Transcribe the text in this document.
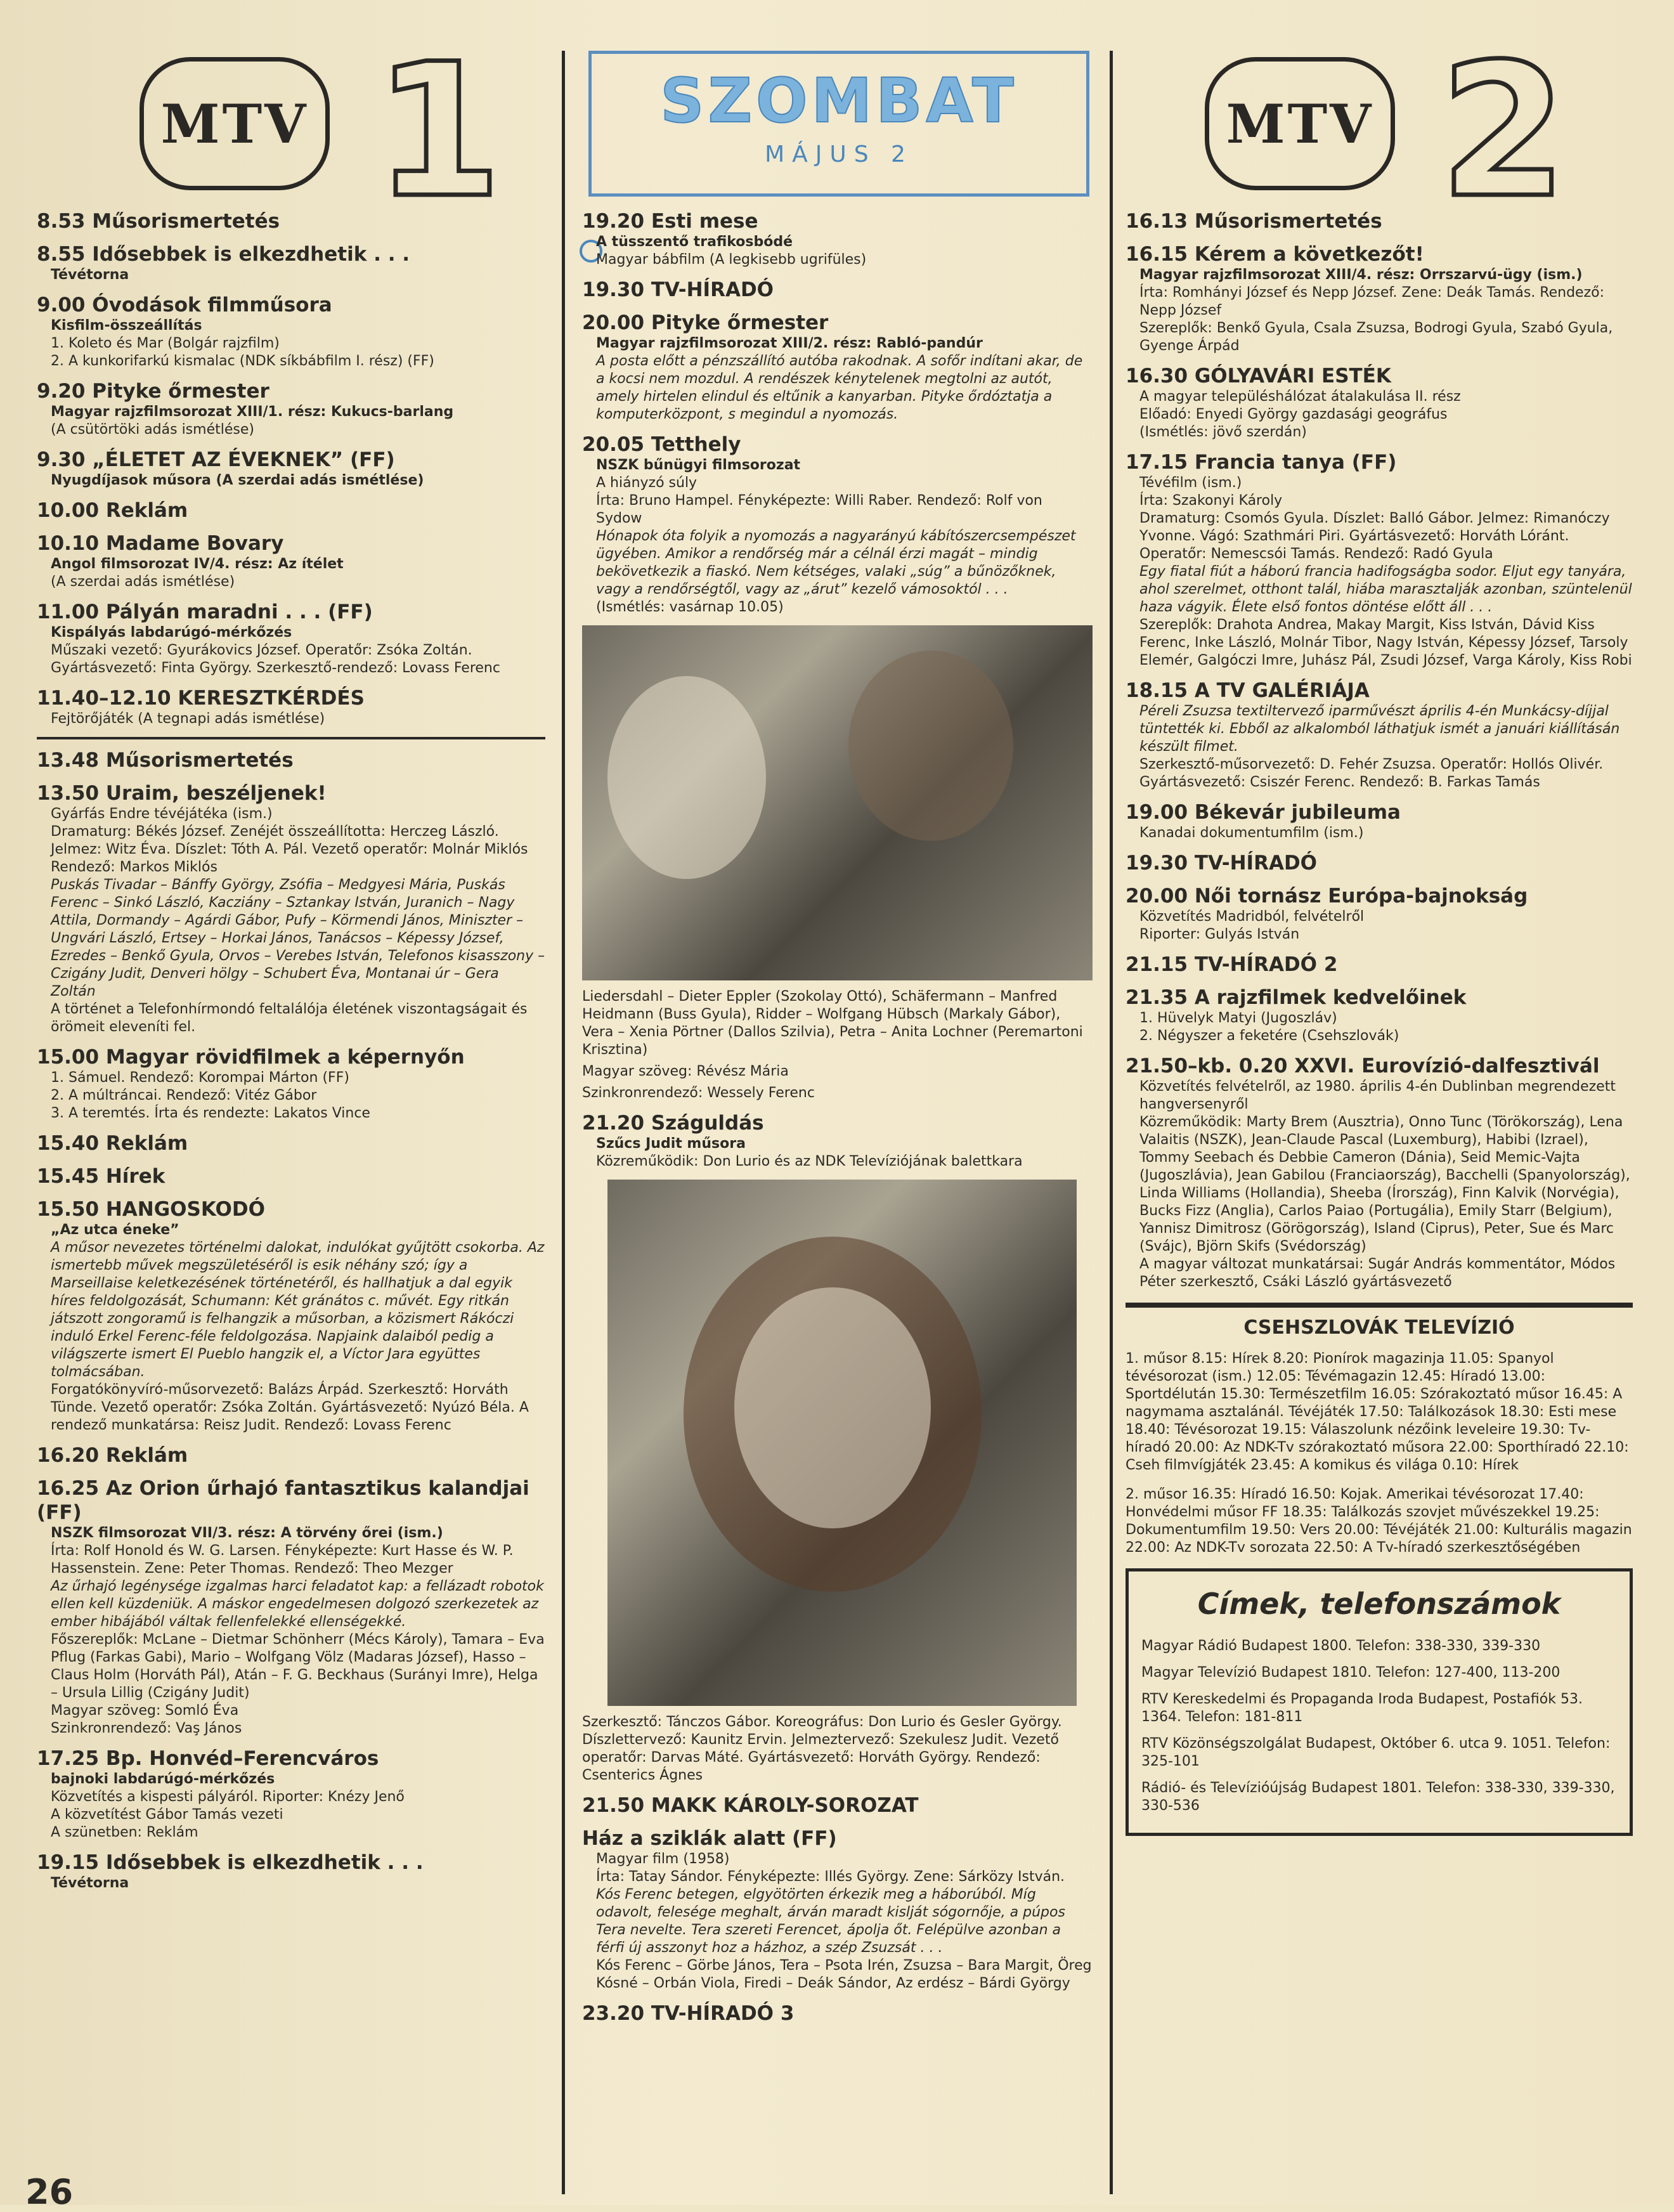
MTV 1	SZOMBAT
MÁJUS 2	MTV 2
8.53 Műsorismertetés
8.55 Idősebbek is elkezdhetik . . .
Tévétorna
9.00 Óvodások filmműsora
Kisfilm-összeállítás
1. Koleto és Mar (Bolgár rajzfilm)
2. A kunkorifarkú kismalac (NDK síkbábfilm I. rész) (FF)
9.20 Pityke őrmester
Magyar rajzfilmsorozat XIII/1. rész: Kukucs-barlang
(A csütörtöki adás ismétlése)
9.30 „ÉLETET AZ ÉVEKNEK” (FF)
Nyugdíjasok műsora (A szerdai adás ismétlése)
10.00 Reklám
10.10 Madame Bovary
Angol filmsorozat IV/4. rész: Az ítélet
(A szerdai adás ismétlése)
11.00 Pályán maradni . . . (FF)
Kispályás labdarúgó-mérkőzés
Műszaki vezető: Gyurákovics József. Operatőr: Zsóka Zoltán. Gyártásvezető: Finta György. Szerkesztő-rendező: Lovass Ferenc
11.40–12.10 KERESZTKÉRDÉS
Fejtörőjáték (A tegnapi adás ismétlése)
13.48 Műsorismertetés
13.50 Uraim, beszéljenek!
Gyárfás Endre tévéjátéka (ism.)
Dramaturg: Békés József. Zenéjét összeállította: Herczeg László. Jelmez: Witz Éva. Díszlet: Tóth A. Pál. Vezető operatőr: Molnár Miklós
Rendező: Markos Miklós
Puskás Tivadar – Bánffy György, Zsófia – Medgyesi Mária, Puskás Ferenc – Sinkó László, Kacziány – Sztankay István, Juranich – Nagy Attila, Dormandy – Agárdi Gábor, Pufy – Körmendi János, Miniszter – Ungvári László, Ertsey – Horkai János, Tanácsos – Képessy József, Ezredes – Benkő Gyula, Orvos – Verebes István, Telefonos kisasszony – Czigány Judit, Denveri hölgy – Schubert Éva, Montanai úr – Gera Zoltán
A történet a Telefonhírmondó feltalálója életének viszontagságait és örömeit eleveníti fel.
15.00 Magyar rövidfilmek a képernyőn
1. Sámuel. Rendező: Korompai Márton (FF)
2. A múltráncai. Rendező: Vitéz Gábor
3. A teremtés. Írta és rendezte: Lakatos Vince
15.40 Reklám
15.45 Hírek
15.50 HANGOSKODÓ
„Az utca éneke”
A műsor nevezetes történelmi dalokat, indulókat gyűjtött csokorba. Az ismertebb művek megszületéséről is esik néhány szó; így a Marseillaise keletkezésének történetéről, és hallhatjuk a dal egyik híres feldolgozását, Schumann: Két gránátos c. művét. Egy ritkán játszott zongoramű is felhangzik a műsorban, a közismert Rákóczi induló Erkel Ferenc-féle feldolgozása. Napjaink dalaiból pedig a világszerte ismert El Pueblo hangzik el, a Víctor Jara együttes tolmácsában.
Forgatókönyvíró-műsorvezető: Balázs Árpád. Szerkesztő: Horváth Tünde. Vezető operatőr: Zsóka Zoltán. Gyártásvezető: Nyúzó Béla. A rendező munkatársa: Reisz Judit. Rendező: Lovass Ferenc
16.20 Reklám
16.25 Az Orion űrhajó fantasztikus kalandjai (FF)
NSZK filmsorozat VII/3. rész: A törvény őrei (ism.)
Írta: Rolf Honold és W. G. Larsen. Fényképezte: Kurt Hasse és W. P. Hassenstein. Zene: Peter Thomas. Rendező: Theo Mezger
Az űrhajó legénysége izgalmas harci feladatot kap: a fellázadt robotok ellen kell küzdeniük. A máskor engedelmesen dolgozó szerkezetek az ember hibájából váltak fellenfelekké ellenségekké.
Főszereplők: McLane – Dietmar Schönherr (Mécs Károly), Tamara – Eva Pflug (Farkas Gabi), Mario – Wolfgang Völz (Madaras József), Hasso – Claus Holm (Horváth Pál), Atán – F. G. Beckhaus (Surányi Imre), Helga – Ursula Lillig (Czigány Judit)
Magyar szöveg: Somló Éva
Szinkronrendező: Vaş János
17.25 Bp. Honvéd–Ferencváros
bajnoki labdarúgó-mérkőzés
Közvetítés a kispesti pályáról. Riporter: Knézy Jenő
A közvetítést Gábor Tamás vezeti
A szünetben: Reklám
19.15 Idősebbek is elkezdhetik . . .
Tévétorna
19.20 Esti mese
A tüsszentő trafikosbódé
Magyar bábfilm (A legkisebb ugrifüles)
19.30 TV-HÍRADÓ
20.00 Pityke őrmester
Magyar rajzfilmsorozat XIII/2. rész: Rabló-pandúr
A posta előtt a pénzszállító autóba rakodnak. A sofőr indítani akar, de a kocsi nem mozdul. A rendészek kénytelenek megtolni az autót, amely hirtelen elindul és eltűnik a kanyarban. Pityke őrdóztatja a komputerközpont, s megindul a nyomozás.
20.05 Tetthely
NSZK bűnügyi filmsorozat
A hiányzó súly
Írta: Bruno Hampel. Fényképezte: Willi Raber. Rendező: Rolf von Sydow
Hónapok óta folyik a nyomozás a nagyarányú kábítószercsempészet ügyében. Amikor a rendőrség már a célnál érzi magát – mindig bekövetkezik a fiaskó. Nem kétséges, valaki „súg” a bűnözőknek, vagy a rendőrségtől, vagy az „árut” kezelő vámosoktól . . .
(Ismétlés: vasárnap 10.05)
Liedersdahl – Dieter Eppler (Szokolay Ottó), Schäfermann – Manfred Heidmann (Buss Gyula), Ridder – Wolfgang Hübsch (Markaly Gábor), Vera – Xenia Pörtner (Dallos Szilvia), Petra – Anita Lochner (Peremartoni Krisztina)
Magyar szöveg: Révész Mária
Szinkronrendező: Wessely Ferenc
21.20 Száguldás
Szűcs Judit műsora
Közreműködik: Don Lurio és az NDK Televíziójának balettkara
Szerkesztő: Tánczos Gábor. Koreográfus: Don Lurio és Gesler György. Díszlettervező: Kaunitz Ervin. Jelmeztervező: Szekulesz Judit. Vezető operatőr: Darvas Máté. Gyártásvezető: Horváth György. Rendező: Csenterics Ágnes
21.50 MAKK KÁROLY-SOROZAT
Ház a sziklák alatt (FF)
Magyar film (1958)
Írta: Tatay Sándor. Fényképezte: Illés György. Zene: Sárközy István.
Kós Ferenc betegen, elgyötörten érkezik meg a háborúból. Míg odavolt, felesége meghalt, árván maradt kislját sógornője, a púpos Tera nevelte. Tera szereti Ferencet, ápolja őt. Felépülve azonban a férfi új asszonyt hoz a házhoz, a szép Zsuzsát . . .
Kós Ferenc – Görbe János, Tera – Psota Irén, Zsuzsa – Bara Margit, Öreg Kósné – Orbán Viola, Firedi – Deák Sándor, Az erdész – Bárdi György
23.20 TV-HÍRADÓ 3
16.13 Műsorismertetés
16.15 Kérem a következőt!
Magyar rajzfilmsorozat XIII/4. rész: Orrszarvú-ügy (ism.)
Írta: Romhányi József és Nepp József. Zene: Deák Tamás. Rendező: Nepp József
Szereplők: Benkő Gyula, Csala Zsuzsa, Bodrogi Gyula, Szabó Gyula, Gyenge Árpád
16.30 GÓLYAVÁRI ESTÉK
A magyar településhálózat átalakulása II. rész
Előadó: Enyedi György gazdasági geográfus
(Ismétlés: jövő szerdán)
17.15 Francia tanya (FF)
Tévéfilm (ism.)
Írta: Szakonyi Károly
Dramaturg: Csomós Gyula. Díszlet: Balló Gábor. Jelmez: Rimanóczy Yvonne. Vágó: Szathmári Piri. Gyártásvezető: Horváth Lóránt. Operatőr: Nemescsói Tamás. Rendező: Radó Gyula
Egy fiatal fiút a háború francia hadifogságba sodor. Eljut egy tanyára, ahol szerelmet, otthont talál, hiába marasztalják azonban, szüntelenül haza vágyik. Élete első fontos döntése előtt áll . . .
Szereplők: Drahota Andrea, Makay Margit, Kiss István, Dávid Kiss Ferenc, Inke László, Molnár Tibor, Nagy István, Képessy József, Tarsoly Elemér, Galgóczi Imre, Juhász Pál, Zsudi József, Varga Károly, Kiss Robi
18.15 A TV GALÉRIÁJA
Péreli Zsuzsa textiltervező iparművészt április 4-én Munkácsy-díjjal tüntették ki. Ebből az alkalomból láthatjuk ismét a januári kiállításán készült filmet.
Szerkesztő-műsorvezető: D. Fehér Zsuzsa. Operatőr: Hollós Olivér. Gyártásvezető: Csiszér Ferenc. Rendező: B. Farkas Tamás
19.00 Békevár jubileuma
Kanadai dokumentumfilm (ism.)
19.30 TV-HÍRADÓ
20.00 Női tornász Európa-bajnokság
Közvetítés Madridból, felvételről
Riporter: Gulyás István
21.15 TV-HÍRADÓ 2
21.35 A rajzfilmek kedvelőinek
1. Hüvelyk Matyi (Jugoszláv)
2. Négyszer a feketére (Csehszlovák)
21.50–kb. 0.20 XXVI. Eurovízió-dalfesztivál
Közvetítés felvételről, az 1980. április 4-én Dublinban megrendezett hangversenyről
Közreműködik: Marty Brem (Ausztria), Onno Tunc (Törökország), Lena Valaitis (NSZK), Jean-Claude Pascal (Luxemburg), Habibi (Izrael), Tommy Seebach és Debbie Cameron (Dánia), Seid Memic-Vajta (Jugoszlávia), Jean Gabilou (Franciaország), Bacchelli (Spanyolország), Linda Williams (Hollandia), Sheeba (Írország), Finn Kalvik (Norvégia), Bucks Fizz (Anglia), Carlos Paiao (Portugália), Emily Starr (Belgium), Yannisz Dimitrosz (Görögország), Island (Ciprus), Peter, Sue és Marc (Svájc), Björn Skifs (Svédország)
A magyar változat munkatársai: Sugár András kommentátor, Módos Péter szerkesztő, Csáki László gyártásvezető
CSEHSZLOVÁK TELEVÍZIÓ
1. műsor 8.15: Hírek 8.20: Pionírok magazinja 11.05: Spanyol tévésorozat (ism.) 12.05: Tévémagazin 12.45: Híradó 13.00: Sportdélután 15.30: Természetfilm 16.05: Szórakoztató műsor 16.45: A nagymama asztalánál. Tévéjáték 17.50: Találkozások 18.30: Esti mese 18.40: Tévésorozat 19.15: Válaszolunk nézőink leveleire 19.30: Tv-híradó 20.00: Az NDK-Tv szórakoztató műsora 22.00: Sporthíradó 22.10: Cseh filmvígjáték 23.45: A komikus és világa 0.10: Hírek
2. műsor 16.35: Híradó 16.50: Kojak. Amerikai tévésorozat 17.40: Honvédelmi műsor FF 18.35: Találkozás szovjet művészekkel 19.25: Dokumentumfilm 19.50: Vers 20.00: Tévéjáték 21.00: Kulturális magazin 22.00: Az NDK-Tv sorozata 22.50: A Tv-híradó szerkesztőségében
Címek, telefonszámok
Magyar Rádió Budapest 1800. Telefon: 338-330, 339-330
Magyar Televízió Budapest 1810. Telefon: 127-400, 113-200
RTV Kereskedelmi és Propaganda Iroda Budapest, Postafiók 53. 1364. Telefon: 181-811
RTV Közönségszolgálat Budapest, Október 6. utca 9. 1051. Telefon: 325-101
Rádió- és Televízióújság Budapest 1801. Telefon: 338-330, 339-330, 330-536
26
